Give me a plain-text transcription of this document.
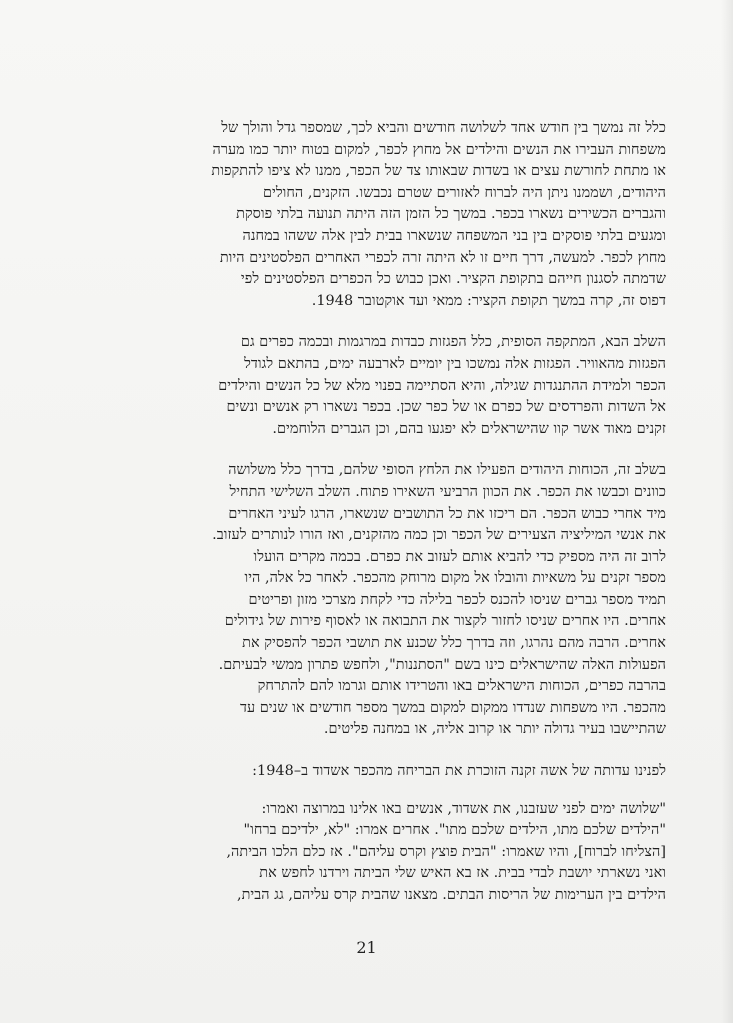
כלל זה נמשך בין חודש אחד לשלושה חודשים והביא לכך, שמספר גדל והולך של

משפחות העבירו את הנשים והילדים אל מחוץ לכפר, למקום בטוח יותר כמו מערה

או מתחת לחורשת עצים או בשדות שבאותו צד של הכפר, ממנו לא ציפו להתקפות

היהודים, ושממנו ניתן היה לברוח לאזורים שטרם נכבשו. הזקנים, החולים

והגברים הכשירים נשארו בכפר. במשך כל הזמן הזה היתה תנועה בלתי פוסקת

ומגעים בלתי פוסקים בין בני המשפחה שנשארו בבית לבין אלה ששהו במחנה

מחוץ לכפר. למעשה, דרך חיים זו לא היתה זרה לכפרי האחרים הפלסטינים היות

שדמתה לסגנון חייהם בתקופת הקציר. ואכן כבוש כל הכפרים הפלסטינים לפי

דפוס זה, קרה במשך תקופת הקציר: ממאי ועד אוקטובר 1948.

השלב הבא, המתקפה הסופית, כלל הפגזות כבדות במרגמות ובכמה כפרים גם

הפגזות מהאוויר. הפגזות אלה נמשכו בין יומיים לארבעה ימים, בהתאם לגודל

הכפר ולמידת ההתנגדות שגילה, והיא הסתיימה בפנוי מלא של כל הנשים והילדים

אל השדות והפרדסים של כפרם או של כפר שכן. בכפר נשארו רק אנשים ונשים

זקנים מאוד אשר קוו שהישראלים לא יפגעו בהם, וכן הגברים הלוחמים.

בשלב זה, הכוחות היהודים הפעילו את הלחץ הסופי שלהם, בדרך כלל משלושה

כוונים וכבשו את הכפר. את הכוון הרביעי השאירו פתוח. השלב השלישי התחיל

מיד אחרי כבוש הכפר. הם ריכזו את כל התושבים שנשארו, הרגו לעיני האחרים

את אנשי המיליציה הצעירים של הכפר וכן כמה מהזקנים, ואז הורו לנותרים לעזוב.

לרוב זה היה מספיק כדי להביא אותם לעזוב את כפרם. בכמה מקרים הועלו

מספר זקנים על משאיות והובלו אל מקום מרוחק מהכפר. לאחר כל אלה, היו

תמיד מספר גברים שניסו להכנס לכפר בלילה כדי לקחת מצרכי מזון ופריטים

אחרים. היו אחרים שניסו לחזור לקצור את התבואה או לאסוף פירות של גידולים

אחרים. הרבה מהם נהרגו, וזה בדרך כלל שכנע את תושבי הכפר להפסיק את

הפעולות האלה שהישראלים כינו בשם "הסתננות", ולחפש פתרון ממשי לבעיתם.

בהרבה כפרים, הכוחות הישראלים באו והטרידו אותם וגרמו להם להתרחק

מהכפר. היו משפחות שנדדו ממקום למקום במשך מספר חודשים או שנים עד

שהתיישבו בעיר גדולה יותר או קרוב אליה, או במחנה פליטים.

לפנינו עדותה של אשה זקנה הזוכרת את הבריחה מהכפר אשדוד ב–1948:

"שלושה ימים לפני שעזבנו, את אשדוד, אנשים באו אלינו במרוצה ואמרו:

"הילדים שלכם מתו, הילדים שלכם מתו". אחרים אמרו: "לא, ילדיכם ברחו"

[הצליחו לברוח], והיו שאמרו: "הבית פוצץ וקרס עליהם". אז כלם הלכו הביתה,

ואני נשארתי יושבת לבדי בבית. אז בא האיש שלי הביתה וירדנו לחפש את

הילדים בין הערימות של הריסות הבתים. מצאנו שהבית קרס עליהם, גג הבית,

21
